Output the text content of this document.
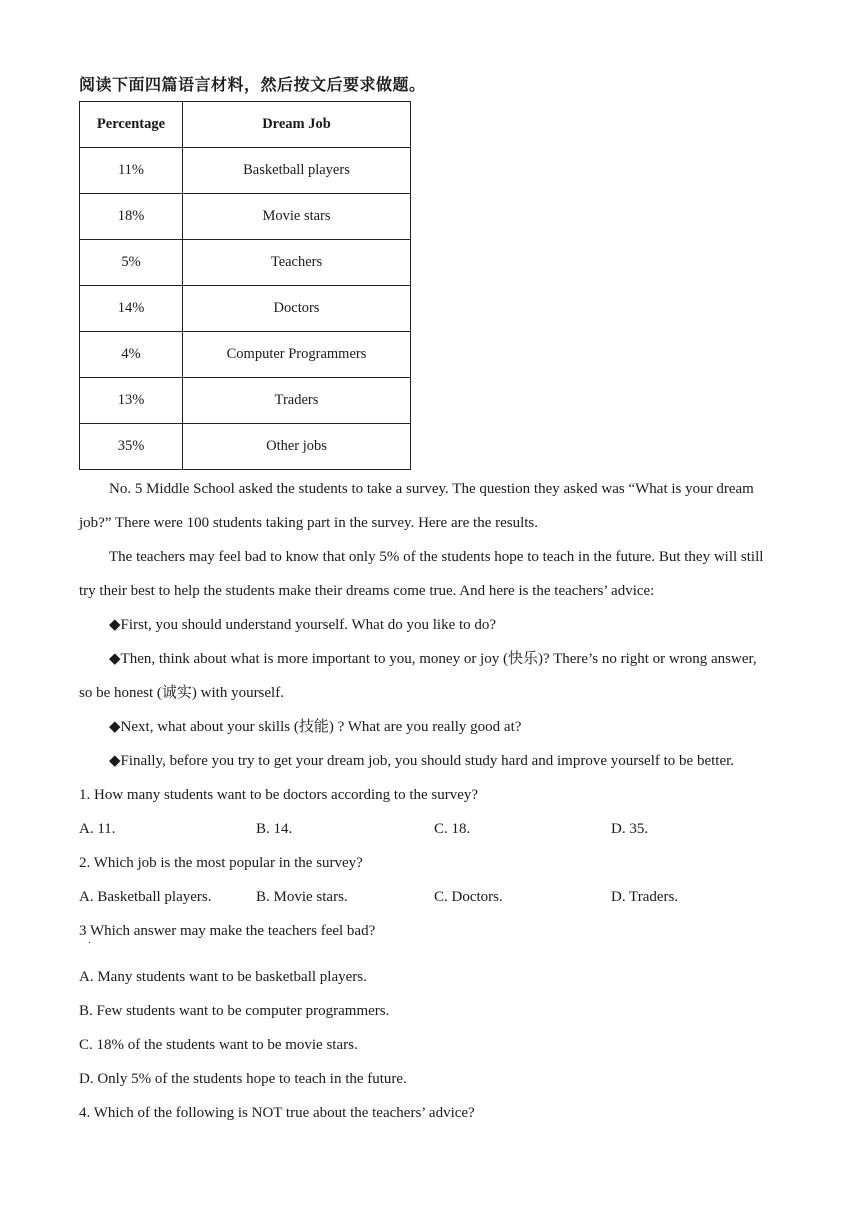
阅读下面四篇语言材料，然后按文后要求做题。
Percentage	Dream Job
11%	Basketball players
18%	Movie stars
5%	Teachers
14%	Doctors
4%	Computer Programmers
13%	Traders
35%	Other jobs
No. 5 Middle School asked the students to take a survey. The question they asked was “What is your dream
job?” There were 100 students taking part in the survey. Here are the results.
The teachers may feel bad to know that only 5% of the students hope to teach in the future. But they will still
try their best to help the students make their dreams come true. And here is the teachers’ advice:
◆First, you should understand yourself. What do you like to do?
◆Then, think about what is more important to you, money or joy (快乐)? There’s no right or wrong answer,
so be honest (诚实) with yourself.
◆Next, what about your skills (技能) ? What are you really good at?
◆Finally, before you try to get your dream job, you should study hard and improve yourself to be better.
1. How many students want to be doctors according to the survey?
A. 11.	B. 14.	C. 18.	D. 35.
2. Which job is the most popular in the survey?
A. Basketball players.	B. Movie stars.	C. Doctors.	D. Traders.
3 Which answer may make the teachers feel bad?
·
A. Many students want to be basketball players.
B. Few students want to be computer programmers.
C. 18% of the students want to be movie stars.
D. Only 5% of the students hope to teach in the future.
4. Which of the following is NOT true about the teachers’ advice?
